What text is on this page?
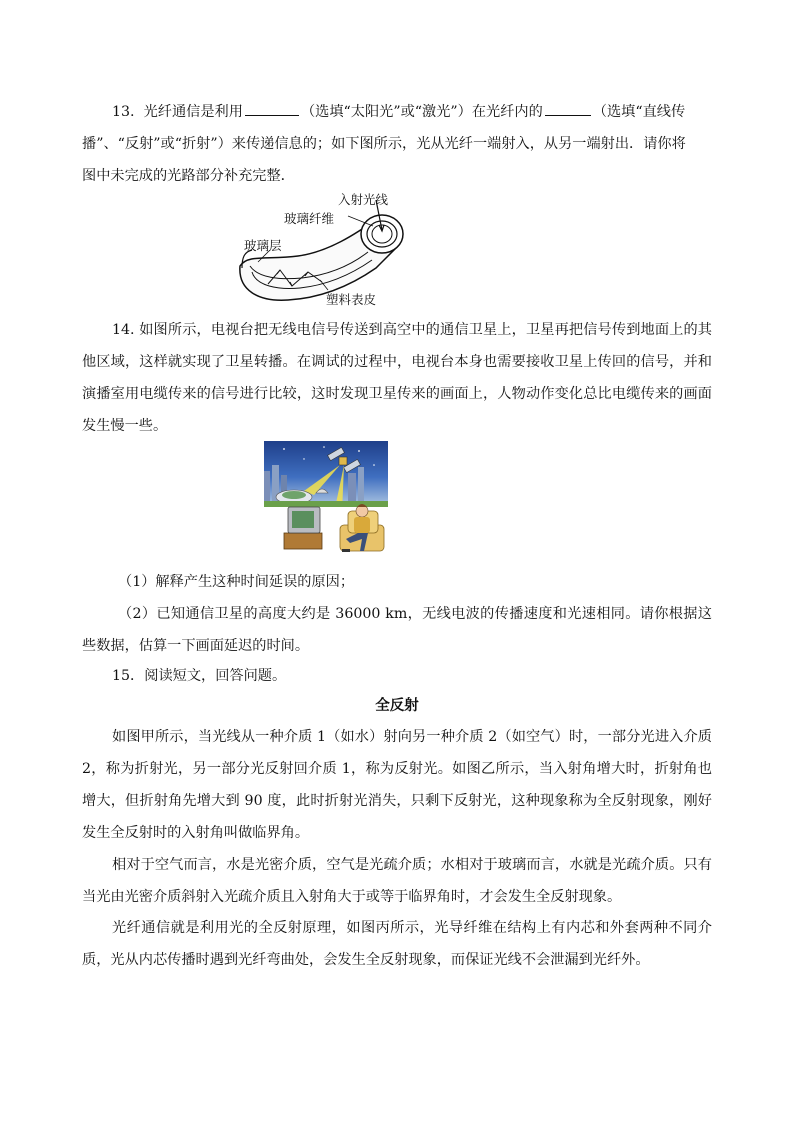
13. 光纤通信是利用	（选填“太阳光”或“激光”）在光纤内的	（选填“直线传

播”、“反射”或“折射”）来传递信息的；如下图所示，光从光纤一端射入，从另一端射出．请你将

图中未完成的光路部分补充完整．

入射光线
玻璃纤维
玻璃层
塑料表皮

14. 如图所示，电视台把无线电信号传送到高空中的通信卫星上，卫星再把信号传到地面上的其他区域，这样就实现了卫星转播。在调试的过程中，电视台本身也需要接收卫星上传回的信号，并和演播室用电缆传来的信号进行比较，这时发现卫星传来的画面上，人物动作变化总比电缆传来的画面发生慢一些。

（1）解释产生这种时间延误的原因；

（2）已知通信卫星的高度大约是 36000 km，无线电波的传播速度和光速相同。请你根据这些数据，估算一下画面延迟的时间。

15．阅读短文，回答问题。

全反射

如图甲所示，当光线从一种介质 1（如水）射向另一种介质 2（如空气）时，一部分光进入介质 2，称为折射光，另一部分光反射回介质 1，称为反射光。如图乙所示，当入射角增大时，折射角也增大，但折射角先增大到 90 度，此时折射光消失，只剩下反射光，这种现象称为全反射现象，刚好发生全反射时的入射角叫做临界角。

相对于空气而言，水是光密介质，空气是光疏介质；水相对于玻璃而言，水就是光疏介质。只有当光由光密介质斜射入光疏介质且入射角大于或等于临界角时，才会发生全反射现象。

光纤通信就是利用光的全反射原理，如图丙所示，光导纤维在结构上有内芯和外套两种不同介质，光从内芯传播时遇到光纤弯曲处，会发生全反射现象，而保证光线不会泄漏到光纤外。
